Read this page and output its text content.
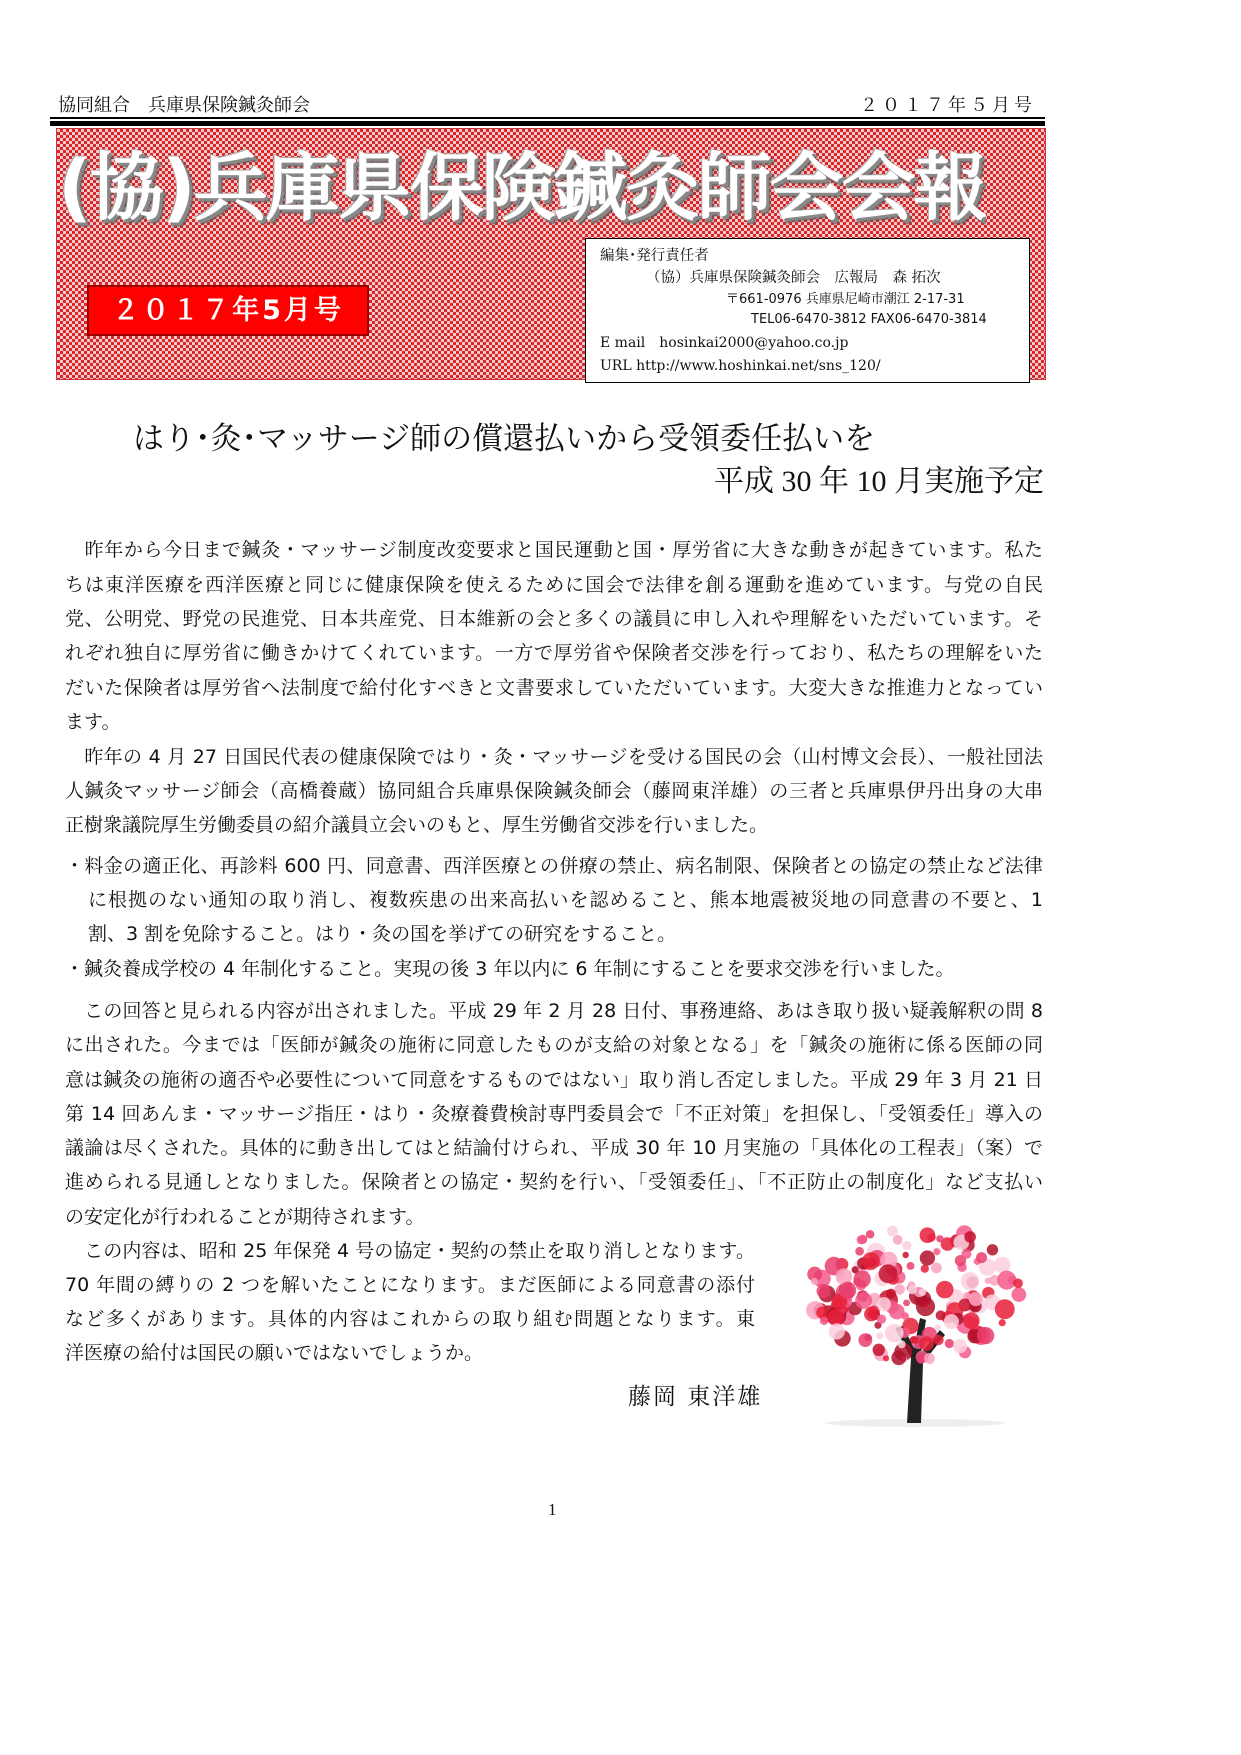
協同組合　兵庫県保険鍼灸師会	２０１７年５月号
(協)兵庫県保険鍼灸師会会報
２０１７年5月号
編集･発行責任者
（協）兵庫県保険鍼灸師会　広報局　森 拓次
〒661-0976 兵庫県尼崎市潮江 2-17-31
TEL06-6470-3812 FAX06-6470-3814
E mail　hosinkai2000@yahoo.co.jp
URL http://www.hoshinkai.net/sns_120/
はり･灸･マッサージ師の償還払いから受領委任払いを
平成 30 年 10 月実施予定
　昨年から今日まで鍼灸・マッサージ制度改変要求と国民運動と国・厚労省に大きな動きが起きています。私た
ちは東洋医療を西洋医療と同じに健康保険を使えるために国会で法律を創る運動を進めています。与党の自民
党、公明党、野党の民進党、日本共産党、日本維新の会と多くの議員に申し入れや理解をいただいています。そ
れぞれ独自に厚労省に働きかけてくれています。一方で厚労省や保険者交渉を行っており、私たちの理解をいた
だいた保険者は厚労省へ法制度で給付化すべきと文書要求していただいています。大変大きな推進力となってい
ます。
　昨年の 4 月 27 日国民代表の健康保険ではり・灸・マッサージを受ける国民の会（山村博文会長）、一般社団法
人鍼灸マッサージ師会（高橋養蔵）協同組合兵庫県保険鍼灸師会（藤岡東洋雄）の三者と兵庫県伊丹出身の大串
正樹衆議院厚生労働委員の紹介議員立会いのもと、厚生労働省交渉を行いました。
・料金の適正化、再診料 600 円、同意書、西洋医療との併療の禁止、病名制限、保険者との協定の禁止など法律
に根拠のない通知の取り消し、複数疾患の出来高払いを認めること、熊本地震被災地の同意書の不要と、1
割、3 割を免除すること。はり・灸の国を挙げての研究をすること。
・鍼灸養成学校の 4 年制化すること。実現の後 3 年以内に 6 年制にすることを要求交渉を行いました。
　この回答と見られる内容が出されました。平成 29 年 2 月 28 日付、事務連絡、あはき取り扱い疑義解釈の問 8
に出された。今までは「医師が鍼灸の施術に同意したものが支給の対象となる」を「鍼灸の施術に係る医師の同
意は鍼灸の施術の適否や必要性について同意をするものではない」取り消し否定しました。平成 29 年 3 月 21 日
第 14 回あんま・マッサージ指圧・はり・灸療養費検討専門委員会で「不正対策」を担保し、「受領委任」導入の
議論は尽くされた。具体的に動き出してはと結論付けられ、平成 30 年 10 月実施の「具体化の工程表」（案）で
進められる見通しとなりました。保険者との協定・契約を行い、「受領委任」、「不正防止の制度化」など支払い
の安定化が行われることが期待されます。
　この内容は、昭和 25 年保発 4 号の協定・契約の禁止を取り消しとなります。
70 年間の縛りの 2 つを解いたことになります。まだ医師による同意書の添付
など多くがあります。具体的内容はこれからの取り組む問題となります。東
洋医療の給付は国民の願いではないでしょうか。
藤岡 東洋雄
1
